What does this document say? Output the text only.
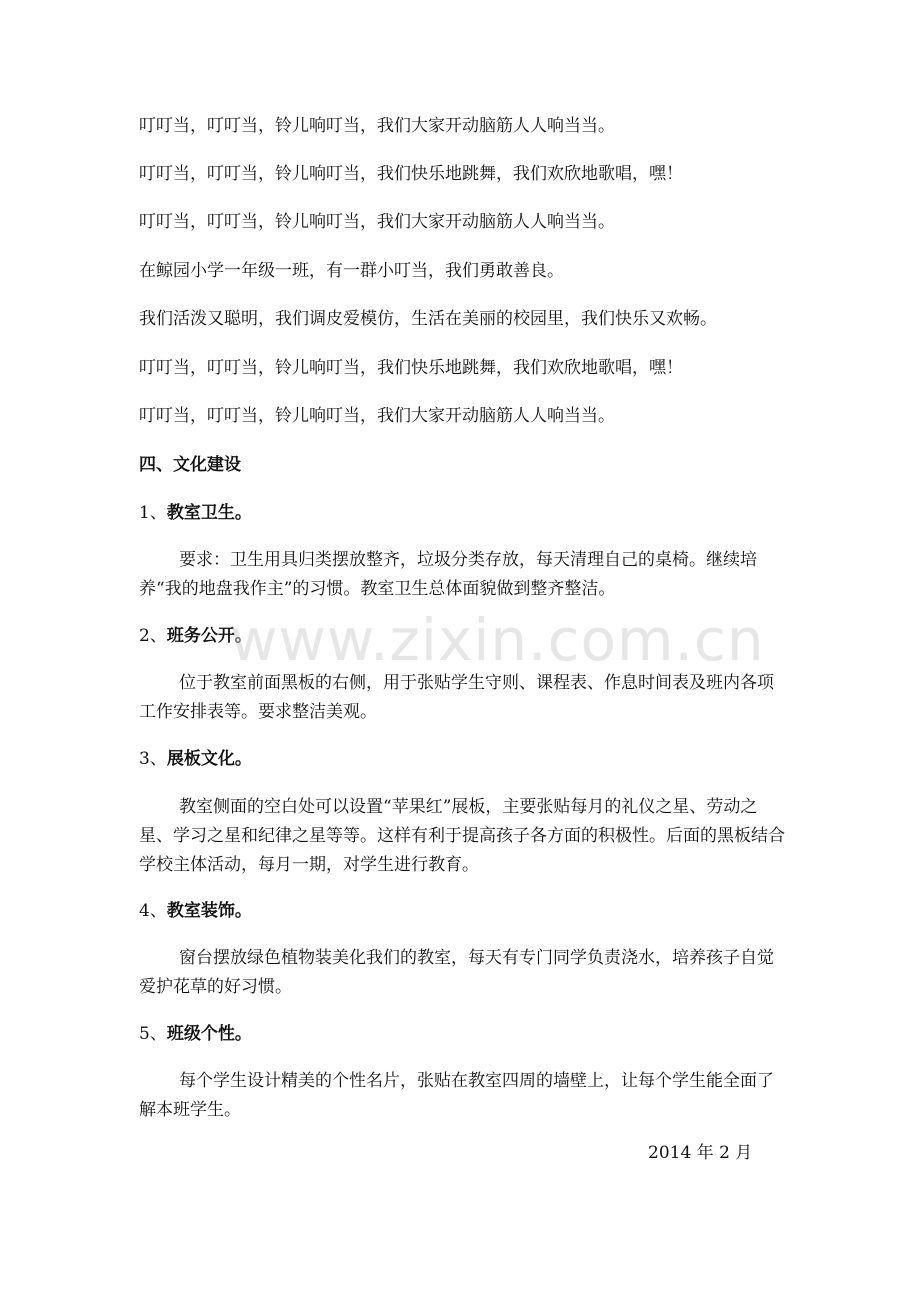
叮叮当，叮叮当，铃儿响叮当，我们大家开动脑筋人人响当当。
叮叮当，叮叮当，铃儿响叮当，我们快乐地跳舞，我们欢欣地歌唱，嘿！
叮叮当，叮叮当，铃儿响叮当，我们大家开动脑筋人人响当当。
在鲸园小学一年级一班，有一群小叮当，我们勇敢善良。
我们活泼又聪明，我们调皮爱模仿，生活在美丽的校园里，我们快乐又欢畅。
叮叮当，叮叮当，铃儿响叮当，我们快乐地跳舞，我们欢欣地歌唱，嘿！
叮叮当，叮叮当，铃儿响叮当，我们大家开动脑筋人人响当当。
四、文化建设
1、教室卫生。
要求：卫生用具归类摆放整齐，垃圾分类存放，每天清理自己的桌椅。继续培养“我的地盘我作主”的习惯。教室卫生总体面貌做到整齐整洁。
2、班务公开。
位于教室前面黑板的右侧，用于张贴学生守则、课程表、作息时间表及班内各项工作安排表等。要求整洁美观。
3、展板文化。
教室侧面的空白处可以设置“苹果红”展板，主要张贴每月的礼仪之星、劳动之星、学习之星和纪律之星等等。这样有利于提高孩子各方面的积极性。后面的黑板结合学校主体活动，每月一期，对学生进行教育。
4、教室装饰。
窗台摆放绿色植物装美化我们的教室，每天有专门同学负责浇水，培养孩子自觉爱护花草的好习惯。
5、班级个性。
每个学生设计精美的个性名片，张贴在教室四周的墙壁上，让每个学生能全面了解本班学生。
2014 年 2 月
www.zixin.com.cn
